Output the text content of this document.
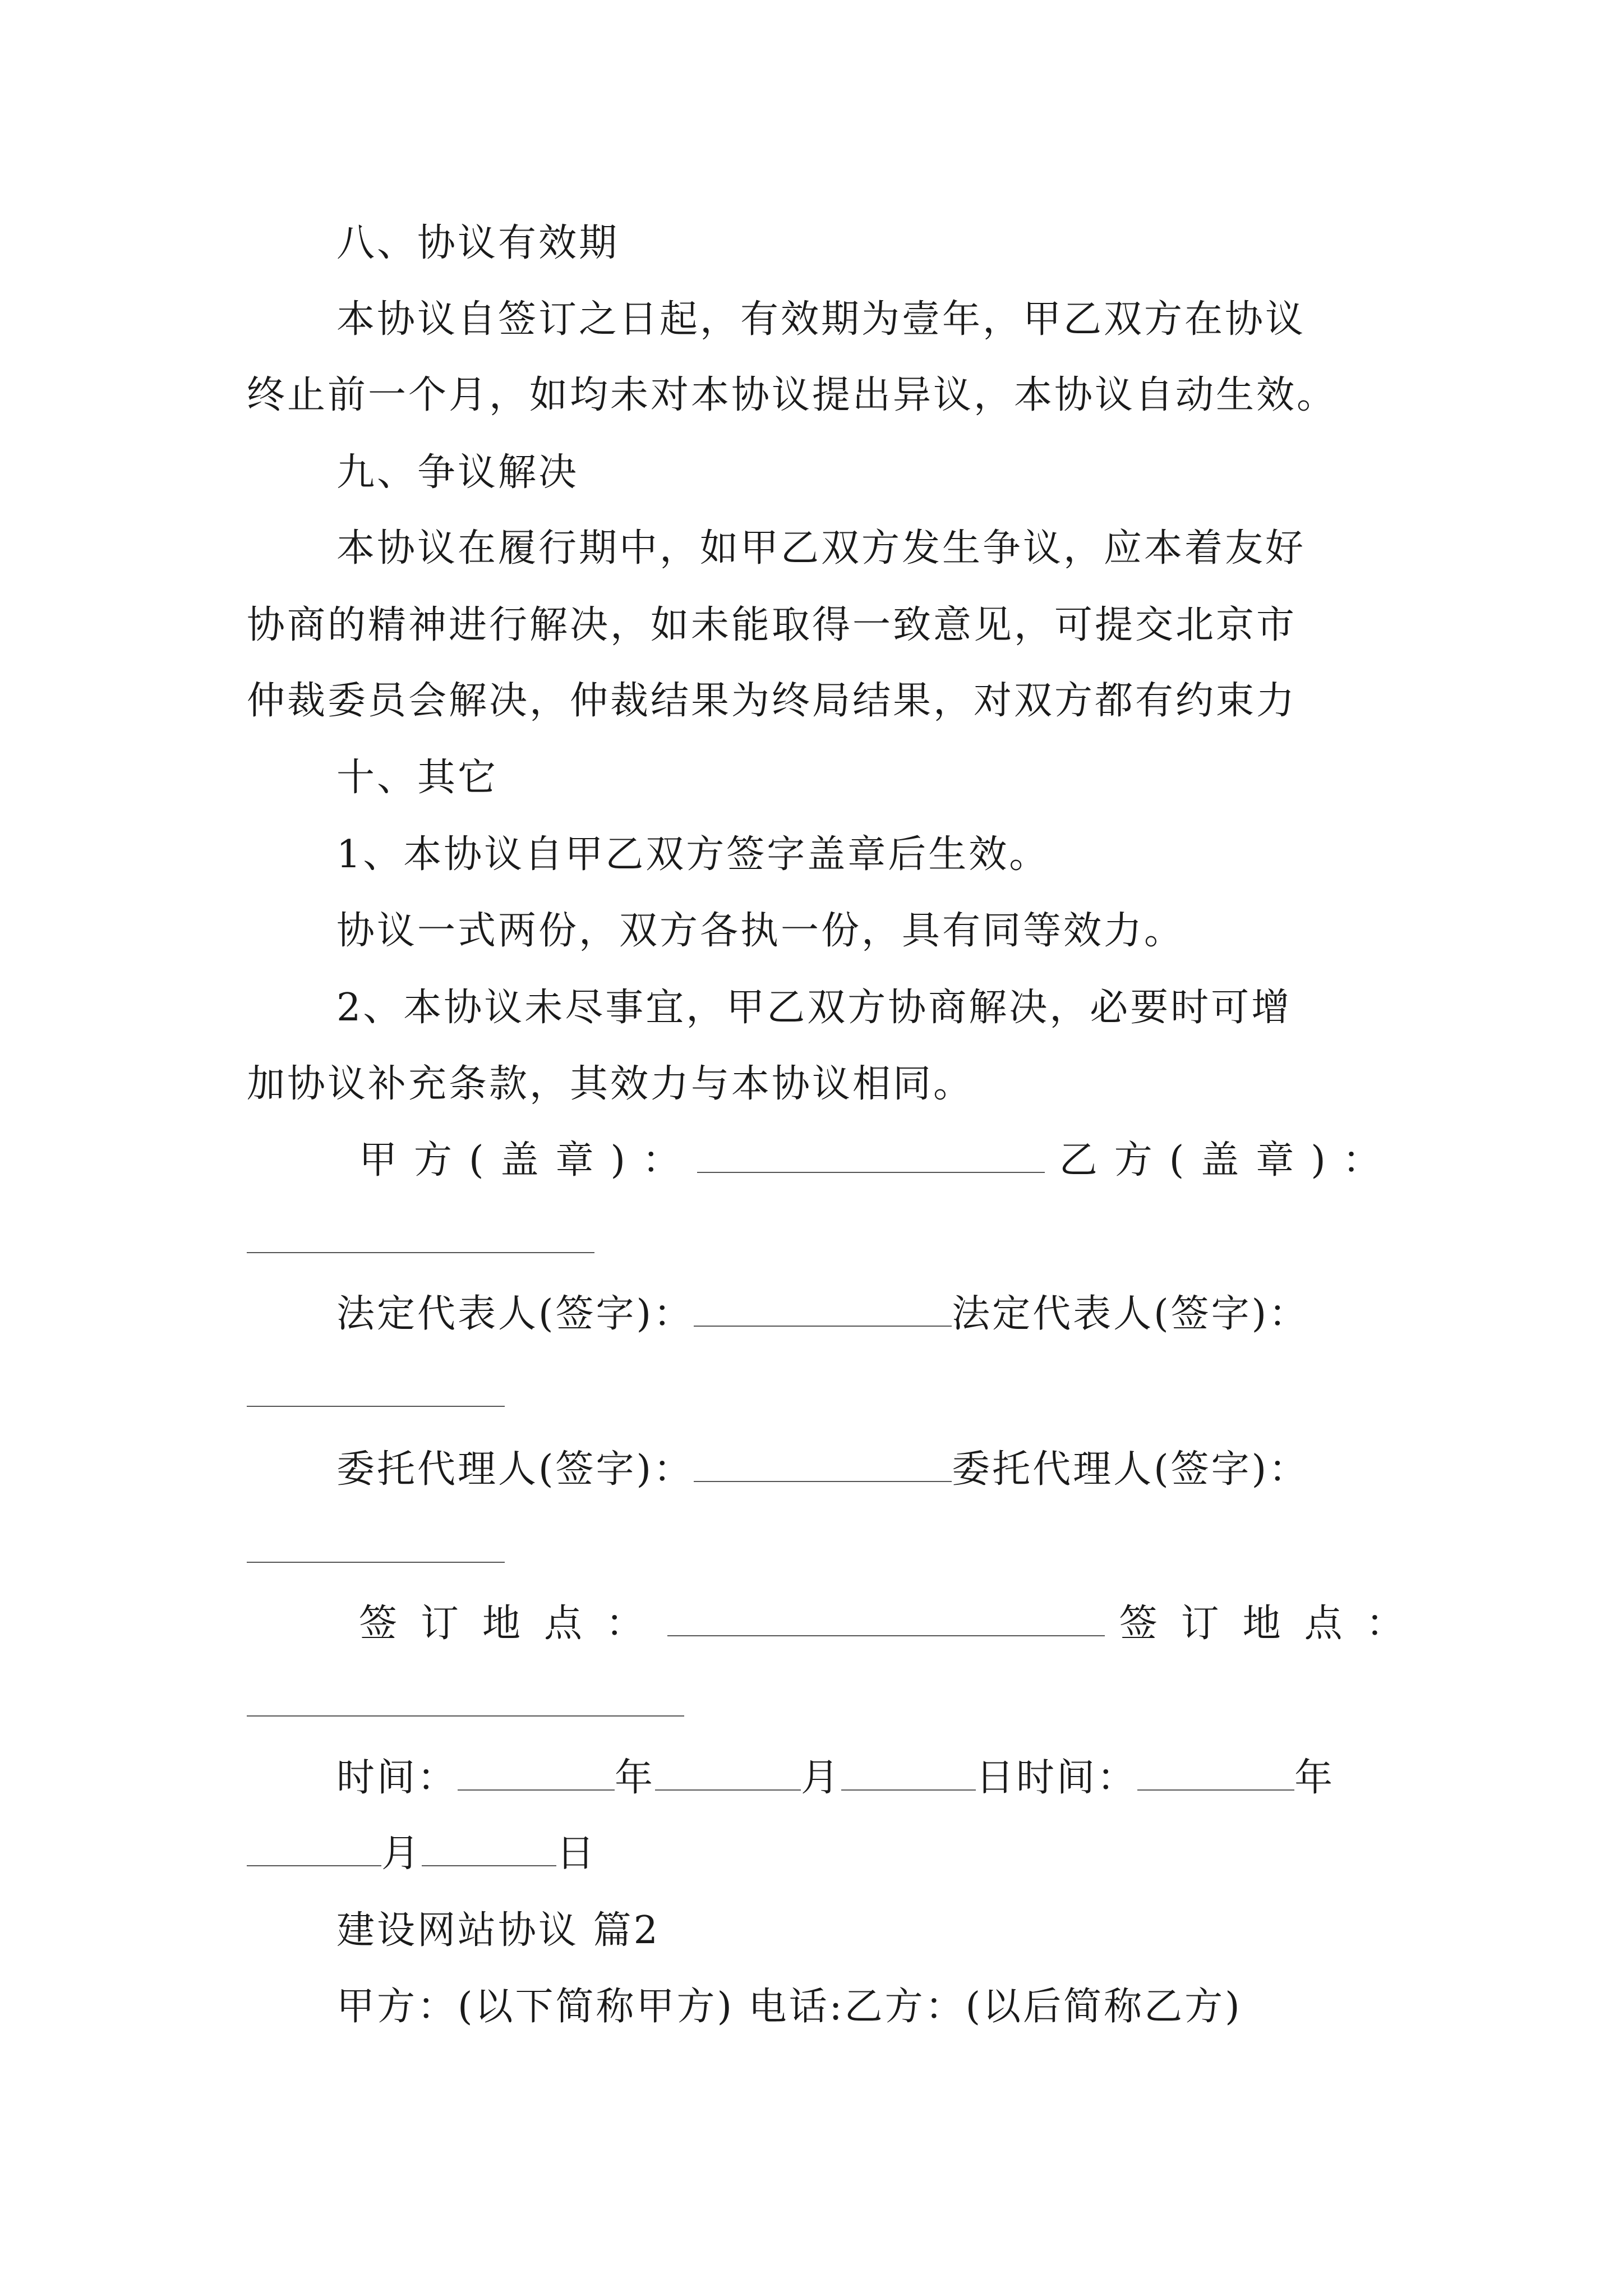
八、协议有效期
本协议自签订之日起，有效期为壹年，甲乙双方在协议
终止前一个月，如均未对本协议提出异议，本协议自动生效。
九、争议解决
本协议在履行期中，如甲乙双方发生争议，应本着友好
协商的精神进行解决，如未能取得一致意见，可提交北京市
仲裁委员会解决，仲裁结果为终局结果，对双方都有约束力
十、其它
1、本协议自甲乙双方签字盖章后生效。
协议一式两份，双方各执一份，具有同等效力。
2、本协议未尽事宜，甲乙双方协商解决，必要时可增
加协议补充条款，其效力与本协议相同。
甲方(盖章)：	乙方(盖章)：
法定代表人(签字)：	法定代表人(签字)：
委托代理人(签字)：	委托代理人(签字)：
签订地点：	签订地点：
时间：	年	月	日时间：	年
月	日
建设网站协议 篇2
甲方：(以下简称甲方) 电话:乙方：(以后简称乙方)
